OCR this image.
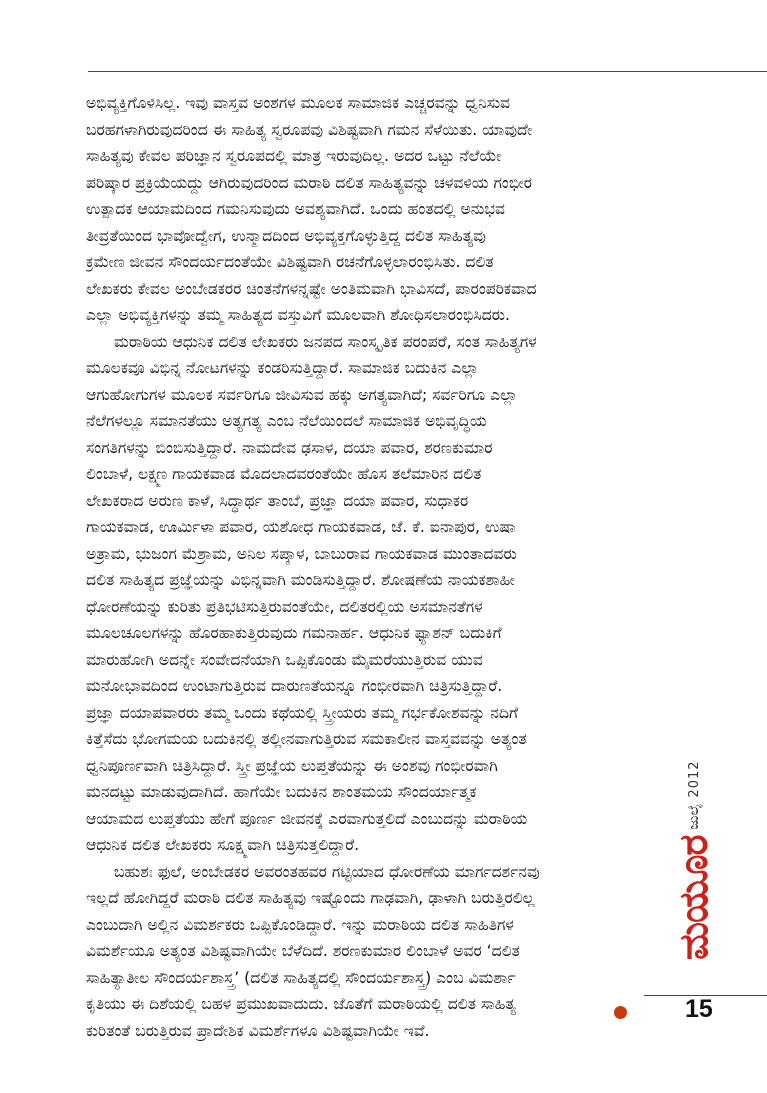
ಅಭಿವ್ಯಕ್ತಿಗೊಳಿಸಿಲ್ಲ. ಇವು ವಾಸ್ತವ ಅಂಶಗಳ ಮೂಲಕ ಸಾಮಾಜಿಕ ಎಚ್ಚರವನ್ನು ಧ್ವನಿಸುವ
ಬರಹಗಳಾಗಿರುವುದರಿಂದ ಈ ಸಾಹಿತ್ಯ ಸ್ವರೂಪವು ವಿಶಿಷ್ಟವಾಗಿ ಗಮನ ಸೆಳೆಯಿತು. ಯಾವುದೇ
ಸಾಹಿತ್ಯವು ಕೇವಲ ಪರಿಜ್ಞಾನ ಸ್ವರೂಪದಲ್ಲಿ ಮಾತ್ರ ಇರುವುದಿಲ್ಲ. ಅದರ ಒಟ್ಟು ನೆಲೆಯೇ
ಪರಿಷ್ಕಾರ ಪ್ರಕ್ರಿಯೆಯದ್ದು ಆಗಿರುವುದರಿಂದ ಮರಾಠಿ ದಲಿತ ಸಾಹಿತ್ಯವನ್ನು ಚಳವಳಿಯ ಗಂಭೀರ
ಉತ್ಪಾದಕ ಆಯಾಮದಿಂದ ಗಮನಿಸುವುದು ಅವಶ್ಯವಾಗಿದೆ. ಒಂದು ಹಂತದಲ್ಲಿ ಅನುಭವ
ತೀವ್ರತೆಯಿಂದ ಭಾವೋದ್ವೇಗ, ಉನ್ಮಾದದಿಂದ ಅಭಿವ್ಯಕ್ತಗೊಳ್ಳುತ್ತಿದ್ದ ದಲಿತ ಸಾಹಿತ್ಯವು
ಕ್ರಮೇಣ ಜೀವನ ಸೌಂದರ್ಯದಂತೆಯೇ ವಿಶಿಷ್ಟವಾಗಿ ರಚನೆಗೊಳ್ಳಲಾರಂಭಿಸಿತು. ದಲಿತ
ಲೇಖಕರು ಕೇವಲ ಅಂಬೇಡಕರರ ಚಿಂತನೆಗಳನ್ನಷ್ಟೇ ಅಂತಿಮವಾಗಿ ಭಾವಿಸದೆ, ಪಾರಂಪರಿಕವಾದ
ಎಲ್ಲಾ ಅಭಿವ್ಯಕ್ತಿಗಳನ್ನು ತಮ್ಮ ಸಾಹಿತ್ಯದ ವಸ್ತುವಿಗೆ ಮೂಲವಾಗಿ ಶೋಧಿಸಲಾರಂಭಿಸಿದರು.
ಮರಾಠಿಯ ಆಧುನಿಕ ದಲಿತ ಲೇಖಕರು ಜನಪದ ಸಾಂಸ್ಕೃತಿಕ ಪರಂಪರೆ, ಸಂತ ಸಾಹಿತ್ಯಗಳ
ಮೂಲಕವೂ ವಿಭಿನ್ನ ನೋಟಗಳನ್ನು ಕಂಡರಿಸುತ್ತಿದ್ದಾರೆ. ಸಾಮಾಜಿಕ ಬದುಕಿನ ಎಲ್ಲಾ
ಆಗುಹೋಗುಗಳ ಮೂಲಕ ಸರ್ವರಿಗೂ ಜೀವಿಸುವ ಹಕ್ಕು ಅಗತ್ಯವಾಗಿದೆ; ಸರ್ವರಿಗೂ ಎಲ್ಲಾ
ನೆಲೆಗಳಲ್ಲೂ ಸಮಾನತೆಯು ಅತ್ಯಗತ್ಯ ಎಂಬ ನೆಲೆಯಿಂದಲೆ ಸಾಮಾಜಿಕ ಅಭಿವೃದ್ಧಿಯ
ಸಂಗತಿಗಳನ್ನು ಬಿಂಬಿಸುತ್ತಿದ್ದಾರೆ. ನಾಮದೇವ ಢಸಾಳ, ದಯಾ ಪವಾರ, ಶರಣಕುಮಾರ
ಲಿಂಬಾಳೆ, ಲಕ್ಷ್ಮಣ ಗಾಯಕವಾಡ ಮೊದಲಾದವರಂತೆಯೇ ಹೊಸ ತಲೆಮಾರಿನ ದಲಿತ
ಲೇಖಕರಾದ ಅರುಣ ಕಾಳೆ, ಸಿದ್ಧಾರ್ಥ ತಾಂಬೆ, ಪ್ರಜ್ಞಾ ದಯಾ ಪವಾರ, ಸುಧಾಕರ
ಗಾಯಕವಾಡ, ಊರ್ಮಿಳಾ ಪವಾರ, ಯಶೋಧ ಗಾಯಕವಾಡ, ಜೆ. ಕೆ. ಐನಾಪುರ, ಉಷಾ
ಅತ್ರಾಮ, ಭುಜಂಗ ಮೆಶ್ರಾಮ, ಅನಿಲ ಸಪ್ಕಾಳ, ಬಾಬುರಾವ ಗಾಯಕವಾಡ ಮುಂತಾದವರು
ದಲಿತ ಸಾಹಿತ್ಯದ ಪ್ರಜ್ಞೆಯನ್ನು ವಿಭಿನ್ನವಾಗಿ ಮಂಡಿಸುತ್ತಿದ್ದಾರೆ. ಶೋಷಣೆಯ ನಾಯಕಶಾಹೀ
ಧೋರಣೆಯನ್ನು ಕುರಿತು ಪ್ರತಿಭಟಿಸುತ್ತಿರುವಂತೆಯೇ, ದಲಿತರಲ್ಲಿಯ ಅಸಮಾನತೆಗಳ
ಮೂಲಚೂಲಗಳನ್ನು ಹೊರಹಾಕುತ್ತಿರುವುದು ಗಮನಾರ್ಹ. ಆಧುನಿಕ ಫ್ಯಾಶನ್ ಬದುಕಿಗೆ
ಮಾರುಹೋಗಿ ಅದನ್ನೇ ಸಂವೇದನೆಯಾಗಿ ಒಪ್ಪಿಕೊಂಡು ಮೈಮರೆಯುತ್ತಿರುವ ಯುವ
ಮನೋಭಾವದಿಂದ ಉಂಟಾಗುತ್ತಿರುವ ದಾರುಣತೆಯನ್ನೂ ಗಂಭೀರವಾಗಿ ಚಿತ್ರಿಸುತ್ತಿದ್ದಾರೆ.
ಪ್ರಜ್ಞಾ ದಯಾಪವಾರರು ತಮ್ಮ ಒಂದು ಕಥೆಯಲ್ಲಿ ಸ್ತ್ರೀಯರು ತಮ್ಮ ಗರ್ಭಕೋಶವನ್ನು ನದಿಗೆ
ಕಿತ್ತೆಸೆದು ಭೋಗಮಯ ಬದುಕಿನಲ್ಲಿ ತಲ್ಲೀನವಾಗುತ್ತಿರುವ ಸಮಕಾಲೀನ ವಾಸ್ತವವನ್ನು ಅತ್ಯಂತ
ಧ್ವನಿಪೂರ್ಣವಾಗಿ ಚಿತ್ರಿಸಿದ್ದಾರೆ. ಸ್ತ್ರೀ ಪ್ರಜ್ಞೆಯ ಲುಪ್ತತೆಯನ್ನು ಈ ಅಂಶವು ಗಂಭೀರವಾಗಿ
ಮನದಟ್ಟು ಮಾಡುವುದಾಗಿದೆ. ಹಾಗೆಯೇ ಬದುಕಿನ ಶಾಂತಮಯ ಸೌಂದರ್ಯಾತ್ಮಕ
ಆಯಾಮದ ಲುಪ್ತತೆಯು ಹೇಗೆ ಪೂರ್ಣ ಜೀವನಕ್ಕೆ ಎರವಾಗುತ್ತಲಿದೆ ಎಂಬುದನ್ನು ಮರಾಠಿಯ
ಆಧುನಿಕ ದಲಿತ ಲೇಖಕರು ಸೂಕ್ಷ್ಮವಾಗಿ ಚಿತ್ರಿಸುತ್ತಲಿದ್ದಾರೆ.
ಬಹುಶಃ ಫುಲೆ, ಅಂಬೇಡಕರ ಅವರಂತಹವರ ಗಟ್ಟಿಯಾದ ಧೋರಣೆಯ ಮಾರ್ಗದರ್ಶನವು
ಇಲ್ಲದೆ ಹೋಗಿದ್ದರೆ ಮರಾಠಿ ದಲಿತ ಸಾಹಿತ್ಯವು ಇಷ್ಟೊಂದು ಗಾಢವಾಗಿ, ಢಾಳಾಗಿ ಬರುತ್ತಿರಲಿಲ್ಲ
ಎಂಬುದಾಗಿ ಅಲ್ಲಿನ ವಿಮರ್ಶಕರು ಒಪ್ಪಿಕೊಂಡಿದ್ದಾರೆ. ಇನ್ನು ಮರಾಠಿಯ ದಲಿತ ಸಾಹಿತಿಗಳ
ವಿಮರ್ಶೆಯೂ ಅತ್ಯಂತ ವಿಶಿಷ್ಟವಾಗಿಯೇ ಬೆಳೆದಿದೆ. ಶರಣಕುಮಾರ ಲಿಂಬಾಳೆ ಅವರ ‘ದಲಿತ
ಸಾಹಿತ್ಯಾತೀಲ ಸೌಂದರ್ಯಶಾಸ್ತ್ರ’ (ದಲಿತ ಸಾಹಿತ್ಯದಲ್ಲಿ ಸೌಂದರ್ಯಶಾಸ್ತ್ರ) ಎಂಬ ವಿಮರ್ಶಾ
ಕೃತಿಯು ಈ ದಿಶೆಯಲ್ಲಿ ಬಹಳ ಪ್ರಮುಖವಾದುದು. ಜೊತೆಗೆ ಮರಾಠಿಯಲ್ಲಿ ದಲಿತ ಸಾಹಿತ್ಯ
ಕುರಿತಂತೆ ಬರುತ್ತಿರುವ ಪ್ರಾದೇಶಿಕ ವಿಮರ್ಶೆಗಳೂ ವಿಶಿಷ್ಟವಾಗಿಯೇ ಇವೆ.
ಮಯೂರ
ಜುಲೈ
2012
15
